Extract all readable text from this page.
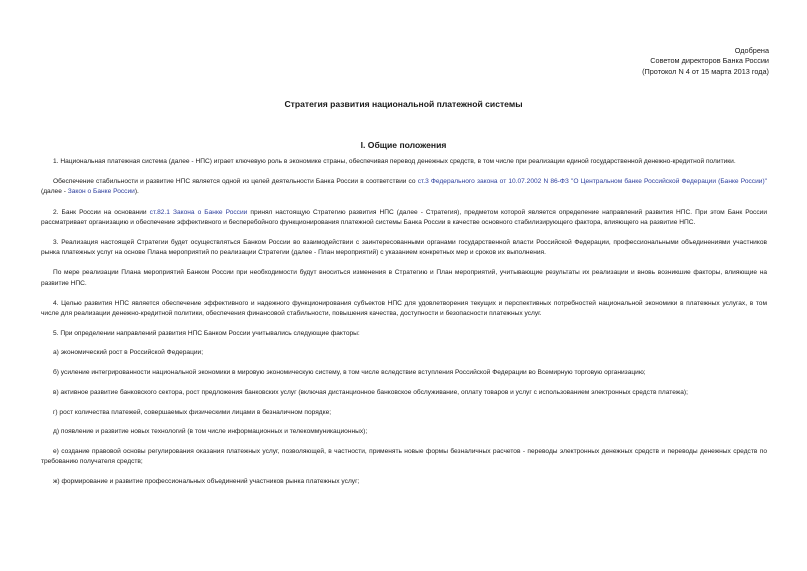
Одобрена
Советом директоров Банка России
(Протокол N 4 от 15 марта 2013 года)
Стратегия развития национальной платежной системы
I. Общие положения

1. Национальная платежная система (далее - НПС) играет ключевую роль в экономике страны, обеспечивая перевод денежных средств, в том числе при реализации единой государственной денежно-кредитной политики.

Обеспечение стабильности и развитие НПС является одной из целей деятельности Банка России в соответствии со ст.3 Федерального закона от 10.07.2002 N 86-ФЗ "О Центральном банке Российской Федерации (Банке России)" (далее - Закон о Банке России).

2. Банк России на основании ст.82.1 Закона о Банке России принял настоящую Стратегию развития НПС (далее - Стратегия), предметом которой является определение направлений развития НПС. При этом Банк России рассматривает организацию и обеспечение эффективного и бесперебойного функционирования платежной системы Банка России в качестве основного стабилизирующего фактора, влияющего на развитие НПС.

3. Реализация настоящей Стратегии будет осуществляться Банком России во взаимодействии с заинтересованными органами государственной власти Российской Федерации, профессиональными объединениями участников рынка платежных услуг на основе Плана мероприятий по реализации Стратегии (далее - План мероприятий) с указанием конкретных мер и сроков их выполнения.

По мере реализации Плана мероприятий Банком России при необходимости будут вноситься изменения в Стратегию и План мероприятий, учитывающие результаты их реализации и вновь возникшие факторы, влияющие на развитие НПС.

4. Целью развития НПС является обеспечение эффективного и надежного функционирования субъектов НПС для удовлетворения текущих и перспективных потребностей национальной экономики в платежных услугах, в том числе для реализации денежно-кредитной политики, обеспечения финансовой стабильности, повышения качества, доступности и безопасности платежных услуг.

5. При определении направлений развития НПС Банком России учитывались следующие факторы:

а) экономический рост в Российской Федерации;

б) усиление интегрированности национальной экономики в мировую экономическую систему, в том числе вследствие вступления Российской Федерации во Всемирную торговую организацию;

в) активное развитие банковского сектора, рост предложения банковских услуг (включая дистанционное банковское обслуживание, оплату товаров и услуг с использованием электронных средств платежа);

г) рост количества платежей, совершаемых физическими лицами в безналичном порядке;

д) появление и развитие новых технологий (в том числе информационных и телекоммуникационных);

е) создание правовой основы регулирования оказания платежных услуг, позволяющей, в частности, применять новые формы безналичных расчетов - переводы электронных денежных средств и переводы денежных средств по требованию получателя средств;

ж) формирование и развитие профессиональных объединений участников рынка платежных услуг;
